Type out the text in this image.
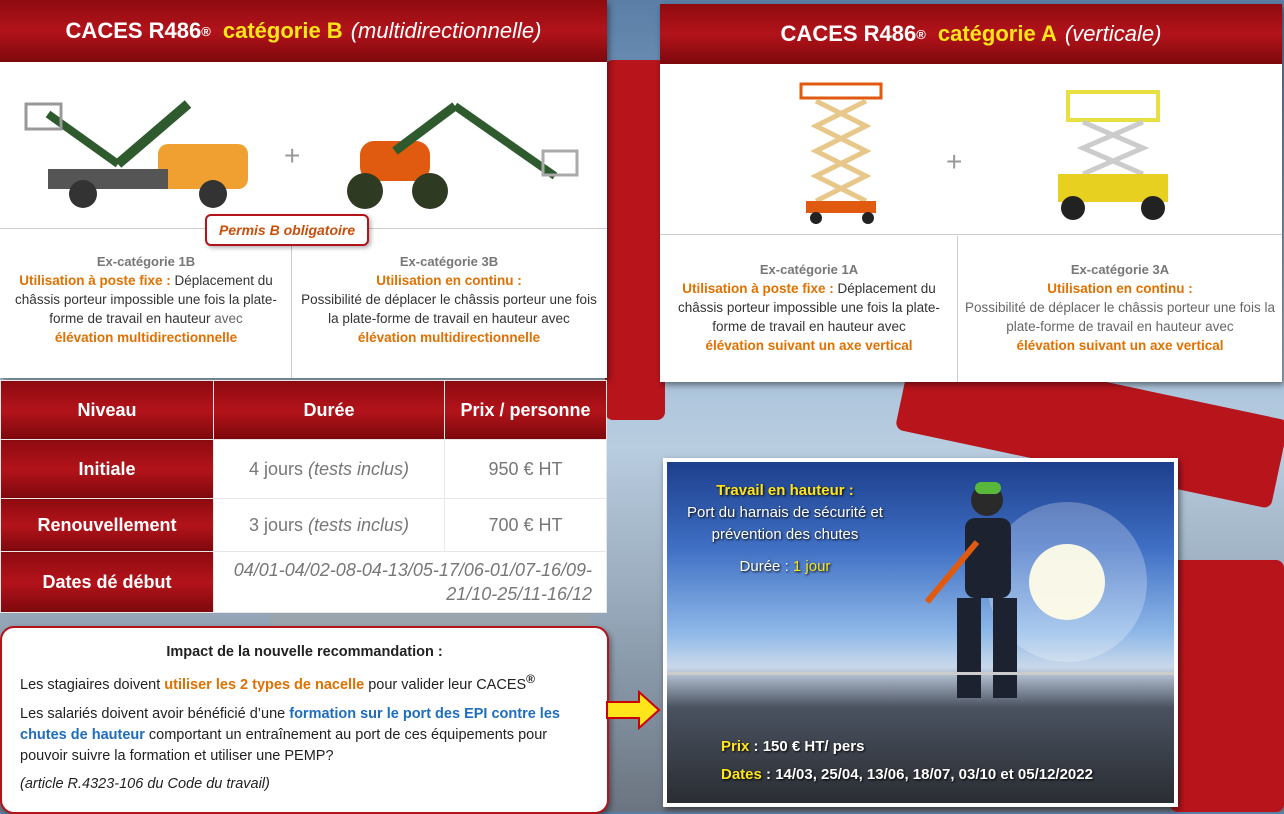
CACES R486 ® catégorie B (multidirectionnelle)
+
Ex-catégorie 1B
Utilisation à poste fixe : Déplacement du châssis porteur impossible une fois la plate-forme de travail en hauteur avec
élévation multidirectionnelle
Ex-catégorie 3B
Utilisation en continu :
Possibilité de déplacer le châssis porteur une fois la plate-forme de travail en hauteur avec
élévation multidirectionnelle
Permis B obligatoire
Niveau	Durée	Prix / personne
Initiale	4 jours (tests inclus)	950 € HT
Renouvellement	3 jours (tests inclus)	700 € HT
Dates dé début	04/01-04/02-08-04-13/05-17/06-01/07-16/09-21/10-25/11-16/12	
CACES R486 ® catégorie A (verticale)
+
Ex-catégorie 1A
Utilisation à poste fixe : Déplacement du châssis porteur impossible une fois la plate-forme de travail en hauteur avec
élévation suivant un axe vertical
Ex-catégorie 3A
Utilisation en continu :
Possibilité de déplacer le châssis porteur une fois la plate-forme de travail en hauteur avec
élévation suivant un axe vertical

Impact de la nouvelle recommandation :

Les stagiaires doivent utiliser les 2 types de nacelle pour valider leur CACES®

Les salariés doivent avoir bénéficié d’une formation sur le port des EPI contre les chutes de hauteur comportant un entraînement au port de ces équipements pour pouvoir suivre la formation et utiliser une PEMP?

(article R.4323-106 du Code du travail)

Travail en hauteur :
Port du harnais de sécurité et prévention des chutes
Durée : 1 jour
Prix : 150 € HT/ pers
Dates : 14/03, 25/04, 13/06, 18/07, 03/10 et 05/12/2022
